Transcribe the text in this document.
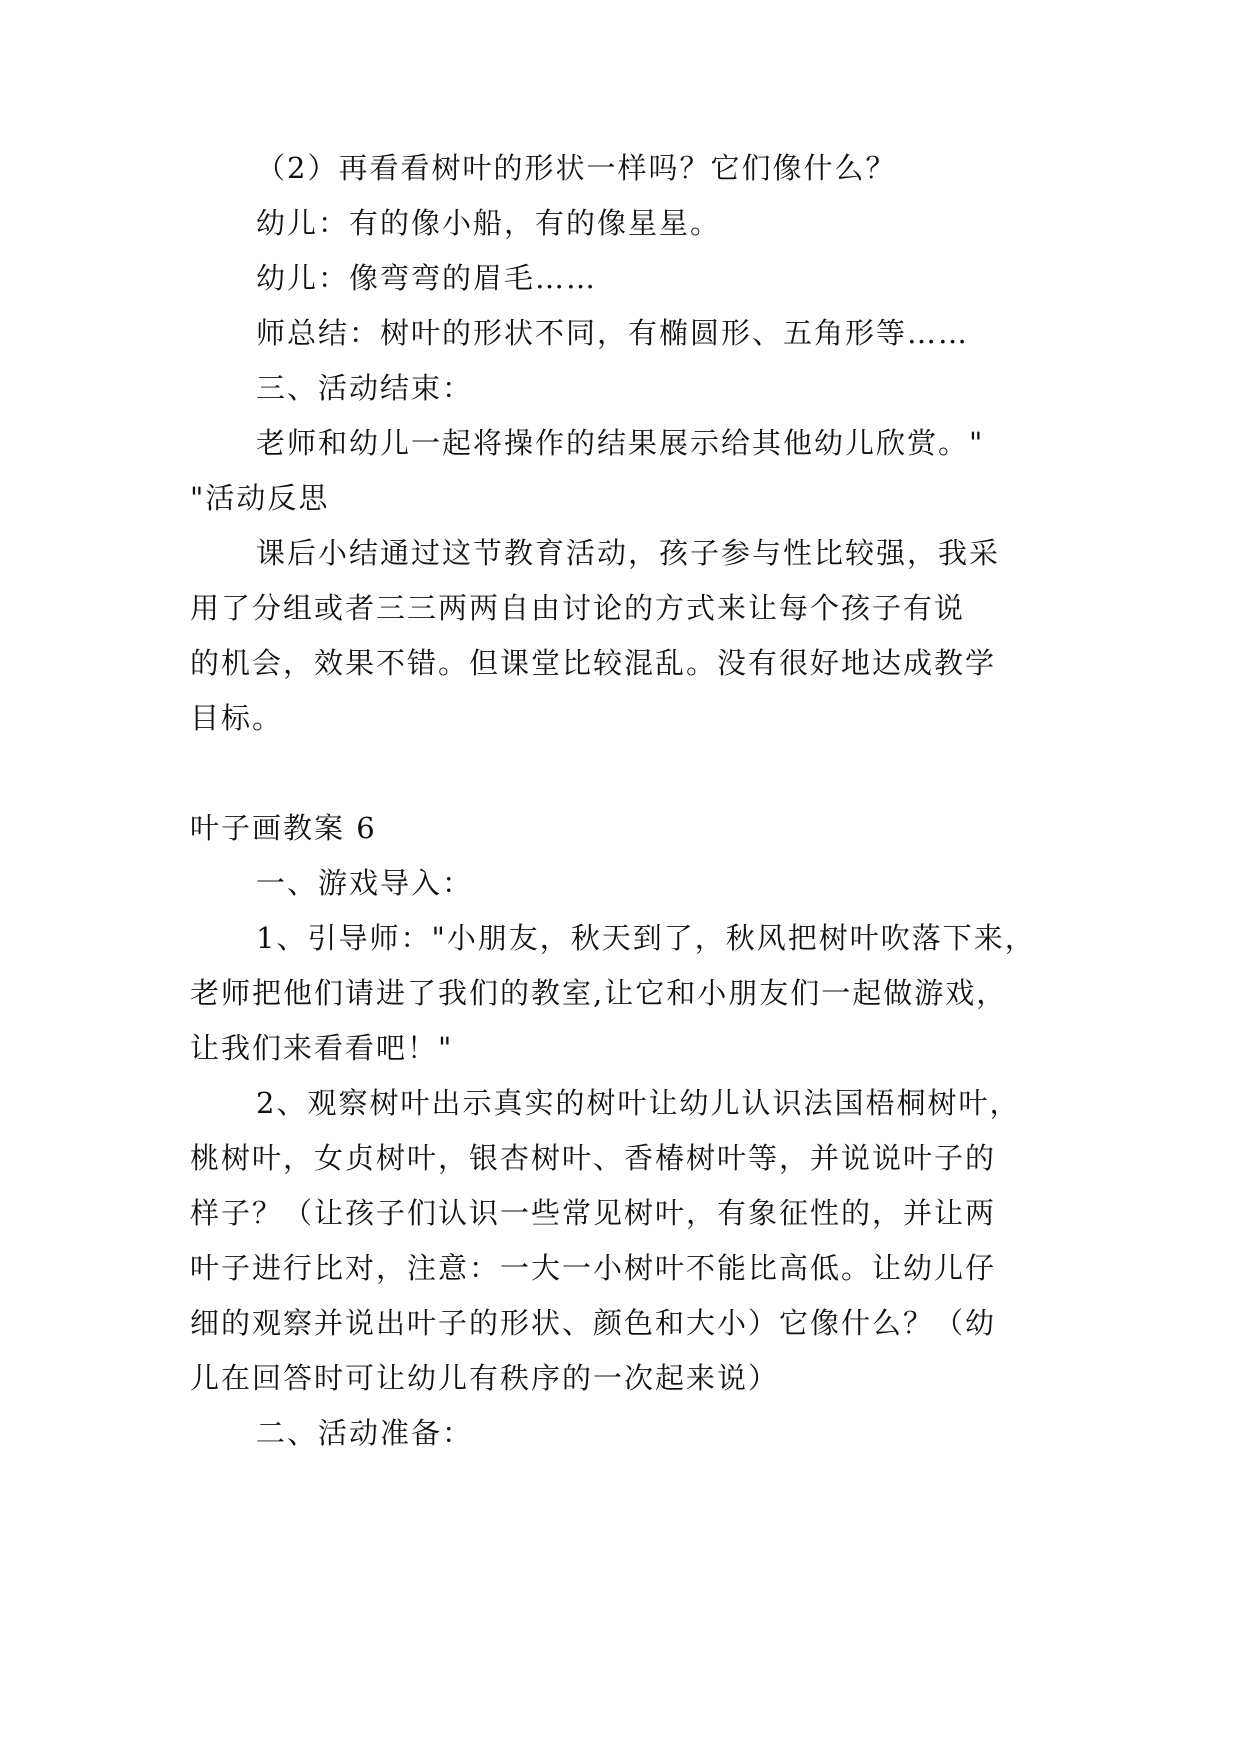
（2）再看看树叶的形状一样吗？它们像什么？
幼儿：有的像小船，有的像星星。
幼儿：像弯弯的眉毛……
师总结：树叶的形状不同，有椭圆形、五角形等……
三、活动结束：
老师和幼儿一起将操作的结果展示给其他幼儿欣赏。"
"活动反思
课后小结通过这节教育活动，孩子参与性比较强，我采
用了分组或者三三两两自由讨论的方式来让每个孩子有说
的机会，效果不错。但课堂比较混乱。没有很好地达成教学
目标。
叶子画教案 6
一、游戏导入：
1、引导师："小朋友，秋天到了，秋风把树叶吹落下来，
老师把他们请进了我们的教室,让它和小朋友们一起做游戏，
让我们来看看吧！"
2、观察树叶出示真实的树叶让幼儿认识法国梧桐树叶，
桃树叶，女贞树叶，银杏树叶、香椿树叶等，并说说叶子的
样子？（让孩子们认识一些常见树叶，有象征性的，并让两
叶子进行比对，注意：一大一小树叶不能比高低。让幼儿仔
细的观察并说出叶子的形状、颜色和大小）它像什么？（幼
儿在回答时可让幼儿有秩序的一次起来说）
二、活动准备：
